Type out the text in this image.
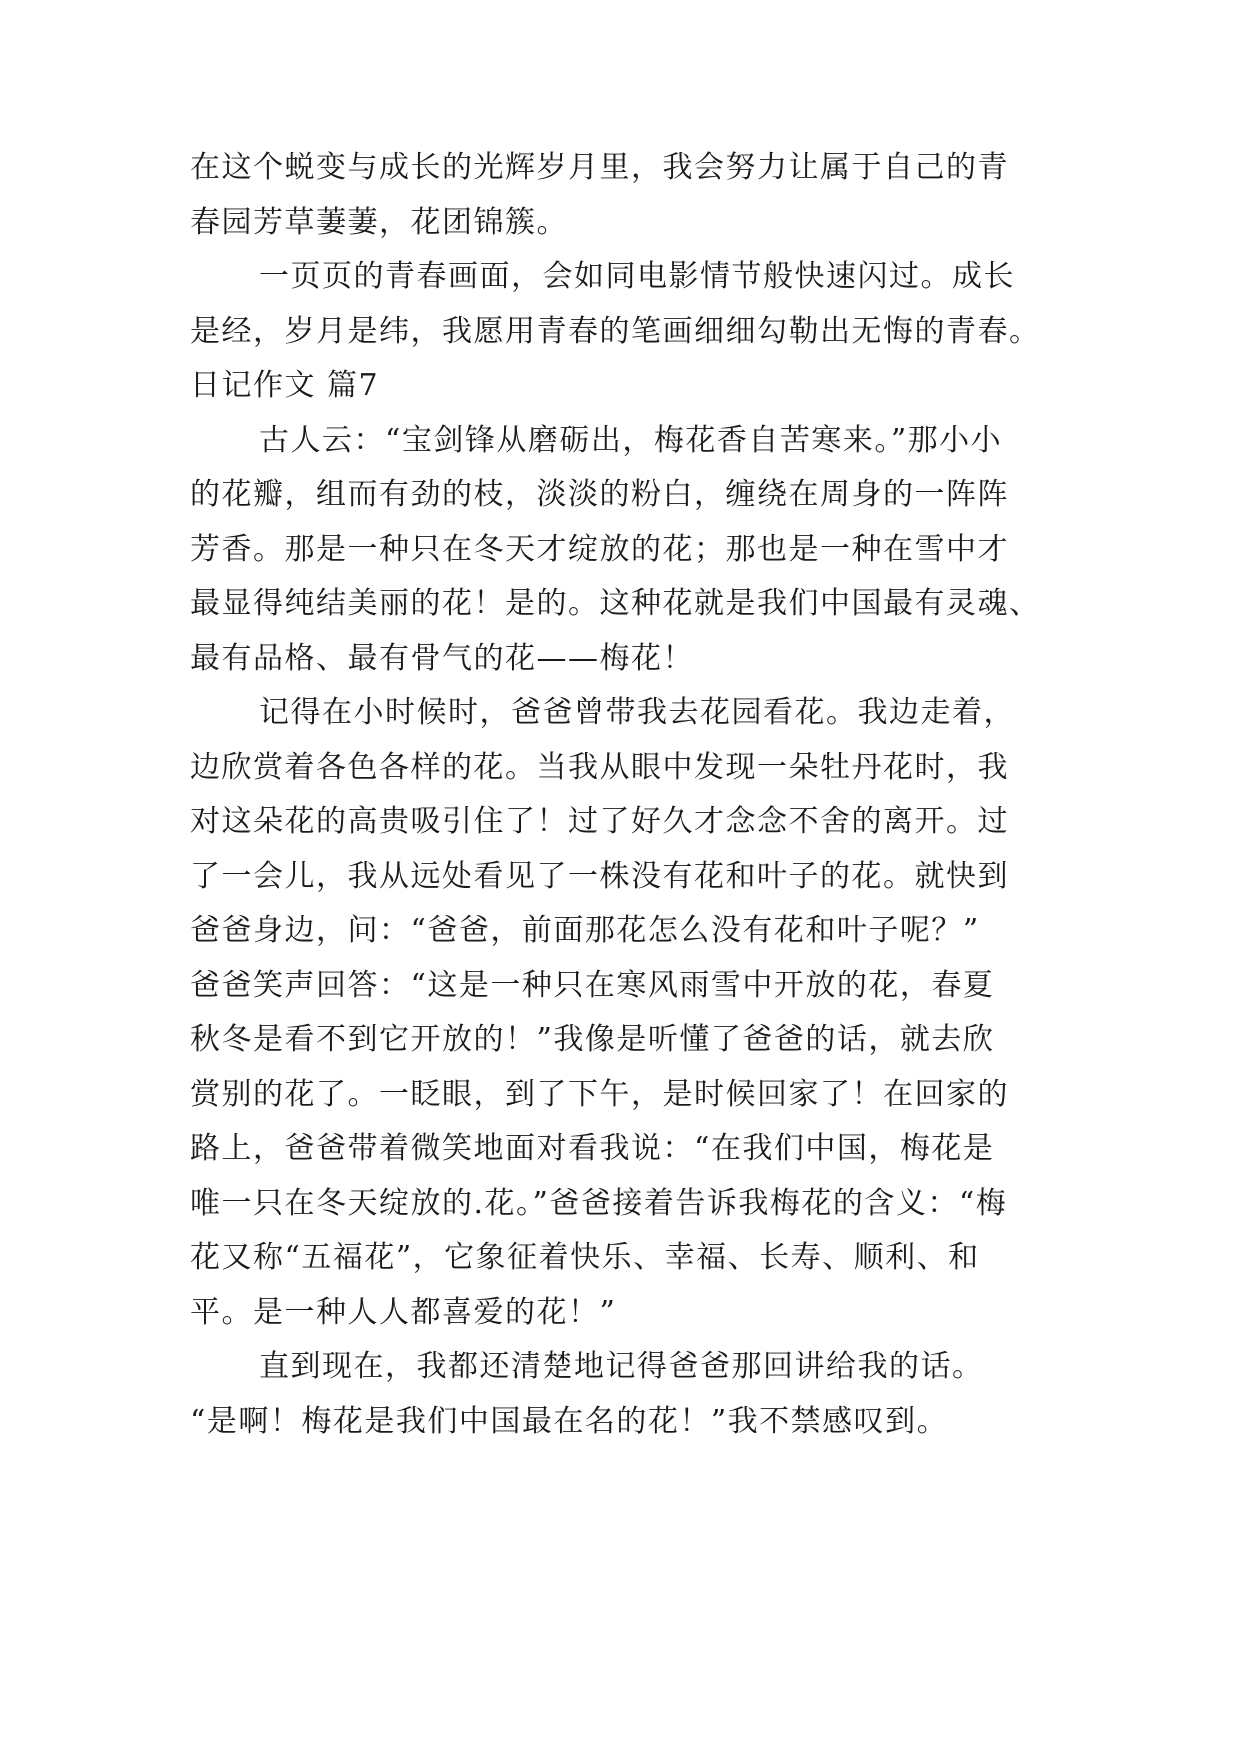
在这个蜕变与成长的光辉岁月里，我会努力让属于自己的青
春园芳草萋萋，花团锦簇。
一页页的青春画面，会如同电影情节般快速闪过。成长
是经，岁月是纬，我愿用青春的笔画细细勾勒出无悔的青春。
日记作文 篇7
古人云：“宝剑锋从磨砺出，梅花香自苦寒来。”那小小
的花瓣，组而有劲的枝，淡淡的粉白，缠绕在周身的一阵阵
芳香。那是一种只在冬天才绽放的花；那也是一种在雪中才
最显得纯结美丽的花！是的。这种花就是我们中国最有灵魂、
最有品格、最有骨气的花——梅花！
记得在小时候时，爸爸曾带我去花园看花。我边走着，
边欣赏着各色各样的花。当我从眼中发现一朵牡丹花时，我
对这朵花的高贵吸引住了！过了好久才念念不舍的离开。过
了一会儿，我从远处看见了一株没有花和叶子的花。就快到
爸爸身边，问：“爸爸，前面那花怎么没有花和叶子呢？”
爸爸笑声回答：“这是一种只在寒风雨雪中开放的花，春夏
秋冬是看不到它开放的！”我像是听懂了爸爸的话，就去欣
赏别的花了。一眨眼，到了下午，是时候回家了！在回家的
路上，爸爸带着微笑地面对看我说：“在我们中国，梅花是
唯一只在冬天绽放的.花。”爸爸接着告诉我梅花的含义：“梅
花又称“五福花”，它象征着快乐、幸福、长寿、顺利、和
平。是一种人人都喜爱的花！”
直到现在，我都还清楚地记得爸爸那回讲给我的话。
“是啊！梅花是我们中国最在名的花！”我不禁感叹到。
